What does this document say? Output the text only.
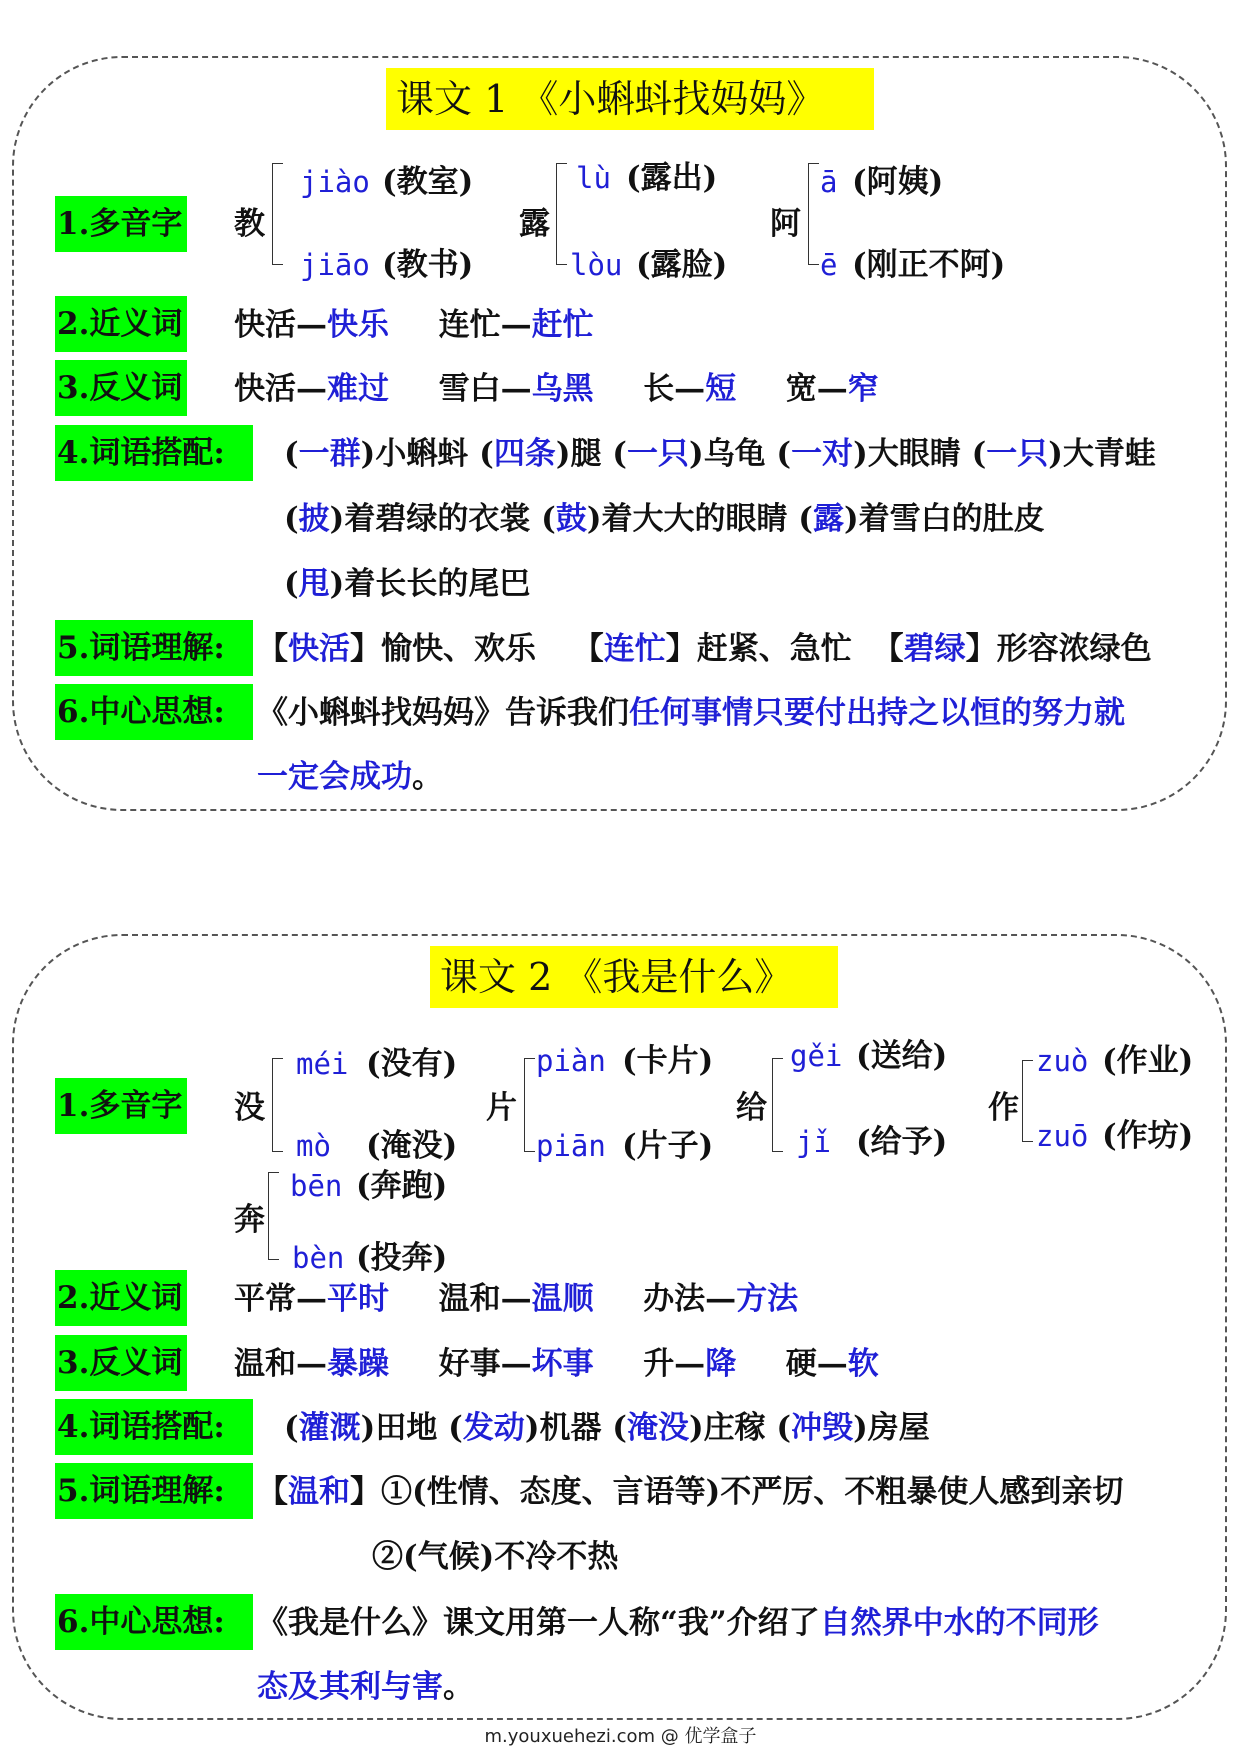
课文 1 《小蝌蚪找妈妈》
1.多音字 教
jiào (教室)
jiāo (教书)
露
lù (露出)
lòu (露脸)
阿
ā (阿姨)
ē (刚正不阿)
2.近义词 快活—快乐 连忙—赶忙
3.反义词 快活—难过 雪白—乌黑 长—短 宽—窄
4.词语搭配:	(一群)小蝌蚪 (四条)腿 (一只)乌龟 (一对)大眼睛 (一只)大青蛙
(披)着碧绿的衣裳 (鼓)着大大的眼睛 (露)着雪白的肚皮
(甩)着长长的尾巴
5.词语理解:	【快活】愉快、欢乐 【连忙】赶紧、急忙 【碧绿】形容浓绿色
6.中心思想:	《小蝌蚪找妈妈》告诉我们任何事情只要付出持之以恒的努力就
一定会成功。
课文 2 《我是什么》
1.多音字 没
méi (没有)
mò (淹没)
片
piàn (卡片)
piān (片子)
给
gěi (送给)
jǐ (给予)
作
zuò (作业)
zuō (作坊)
奔
bēn (奔跑)
bèn (投奔)
2.近义词 平常—平时 温和—温顺 办法—方法
3.反义词 温和—暴躁 好事—坏事 升—降 硬—软
4.词语搭配:	(灌溉)田地 (发动)机器 (淹没)庄稼 (冲毁)房屋
5.词语理解:	【温和】①(性情、态度、言语等)不严厉、不粗暴使人感到亲切
②(气候)不冷不热
6.中心思想:	《我是什么》课文用第一人称“我”介绍了自然界中水的不同形
态及其利与害。
m.youxuehezi.com @ 优学盒子
